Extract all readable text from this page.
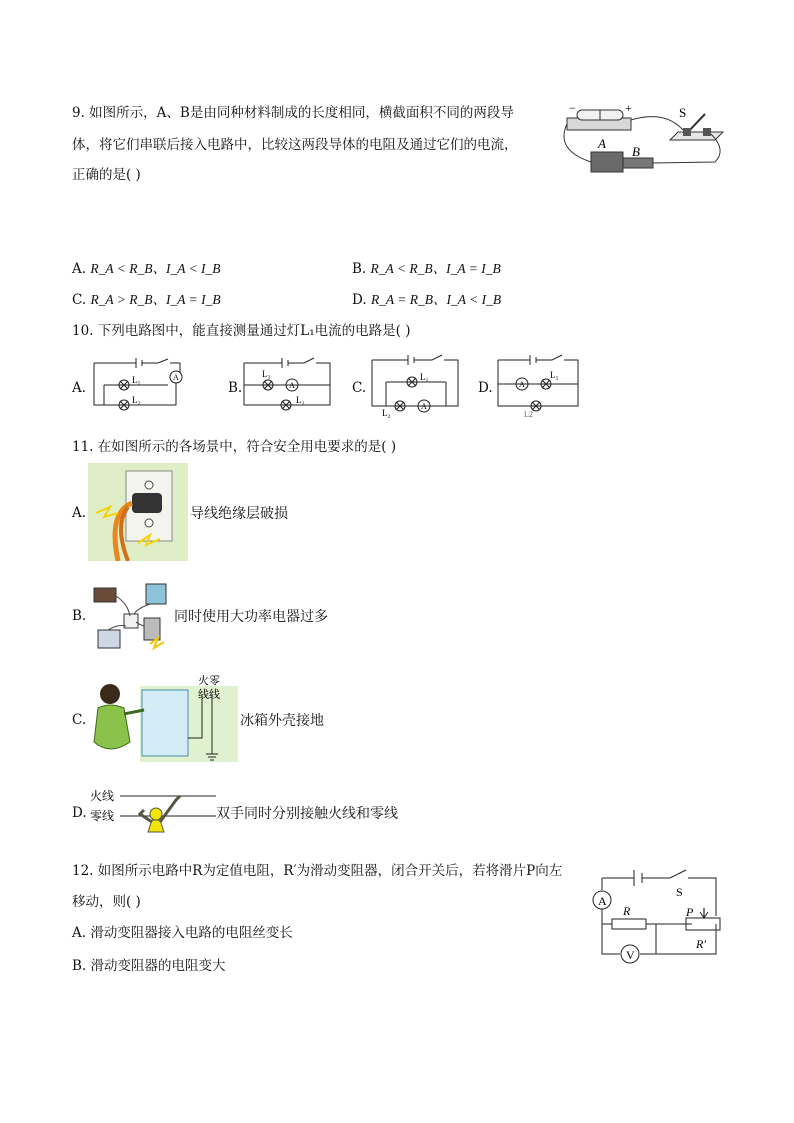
9. 如图所示，A、B是由同种材料制成的长度相同，横截面积不同的两段导
体，将它们串联后接入电路中，比较这两段导体的电阻及通过它们的电流，
正确的是( )
−	+	S
A
B
A. R_A < R_B、I_A < I_B	B. R_A < R_B、I_A = I_B
C. R_A > R_B、I_A = I_B	D. R_A = R_B、I_A < I_B
10. 下列电路图中，能直接测量通过灯L₁电流的电路是( )
A.
A
L₁
L₂
B.	A
L₁
L₂
C.
A
L₁
L₂
D.	A
L₁
L2
11. 在如图所示的各场景中，符合安全用电要求的是( )
A.	导线绝缘层破损
B.	同时使用大功率电器过多
C.
火零
线线
冰箱外壳接地
D.
火线
零线	双手同时分别接触火线和零线
12. 如图所示电路中R为定值电阻，R′为滑动变阻器，闭合开关后，若将滑片P向左
移动，则( )	A
V
R	P
R′
S
A. 滑动变阻器接入电路的电阻丝变长
B. 滑动变阻器的电阻变大
